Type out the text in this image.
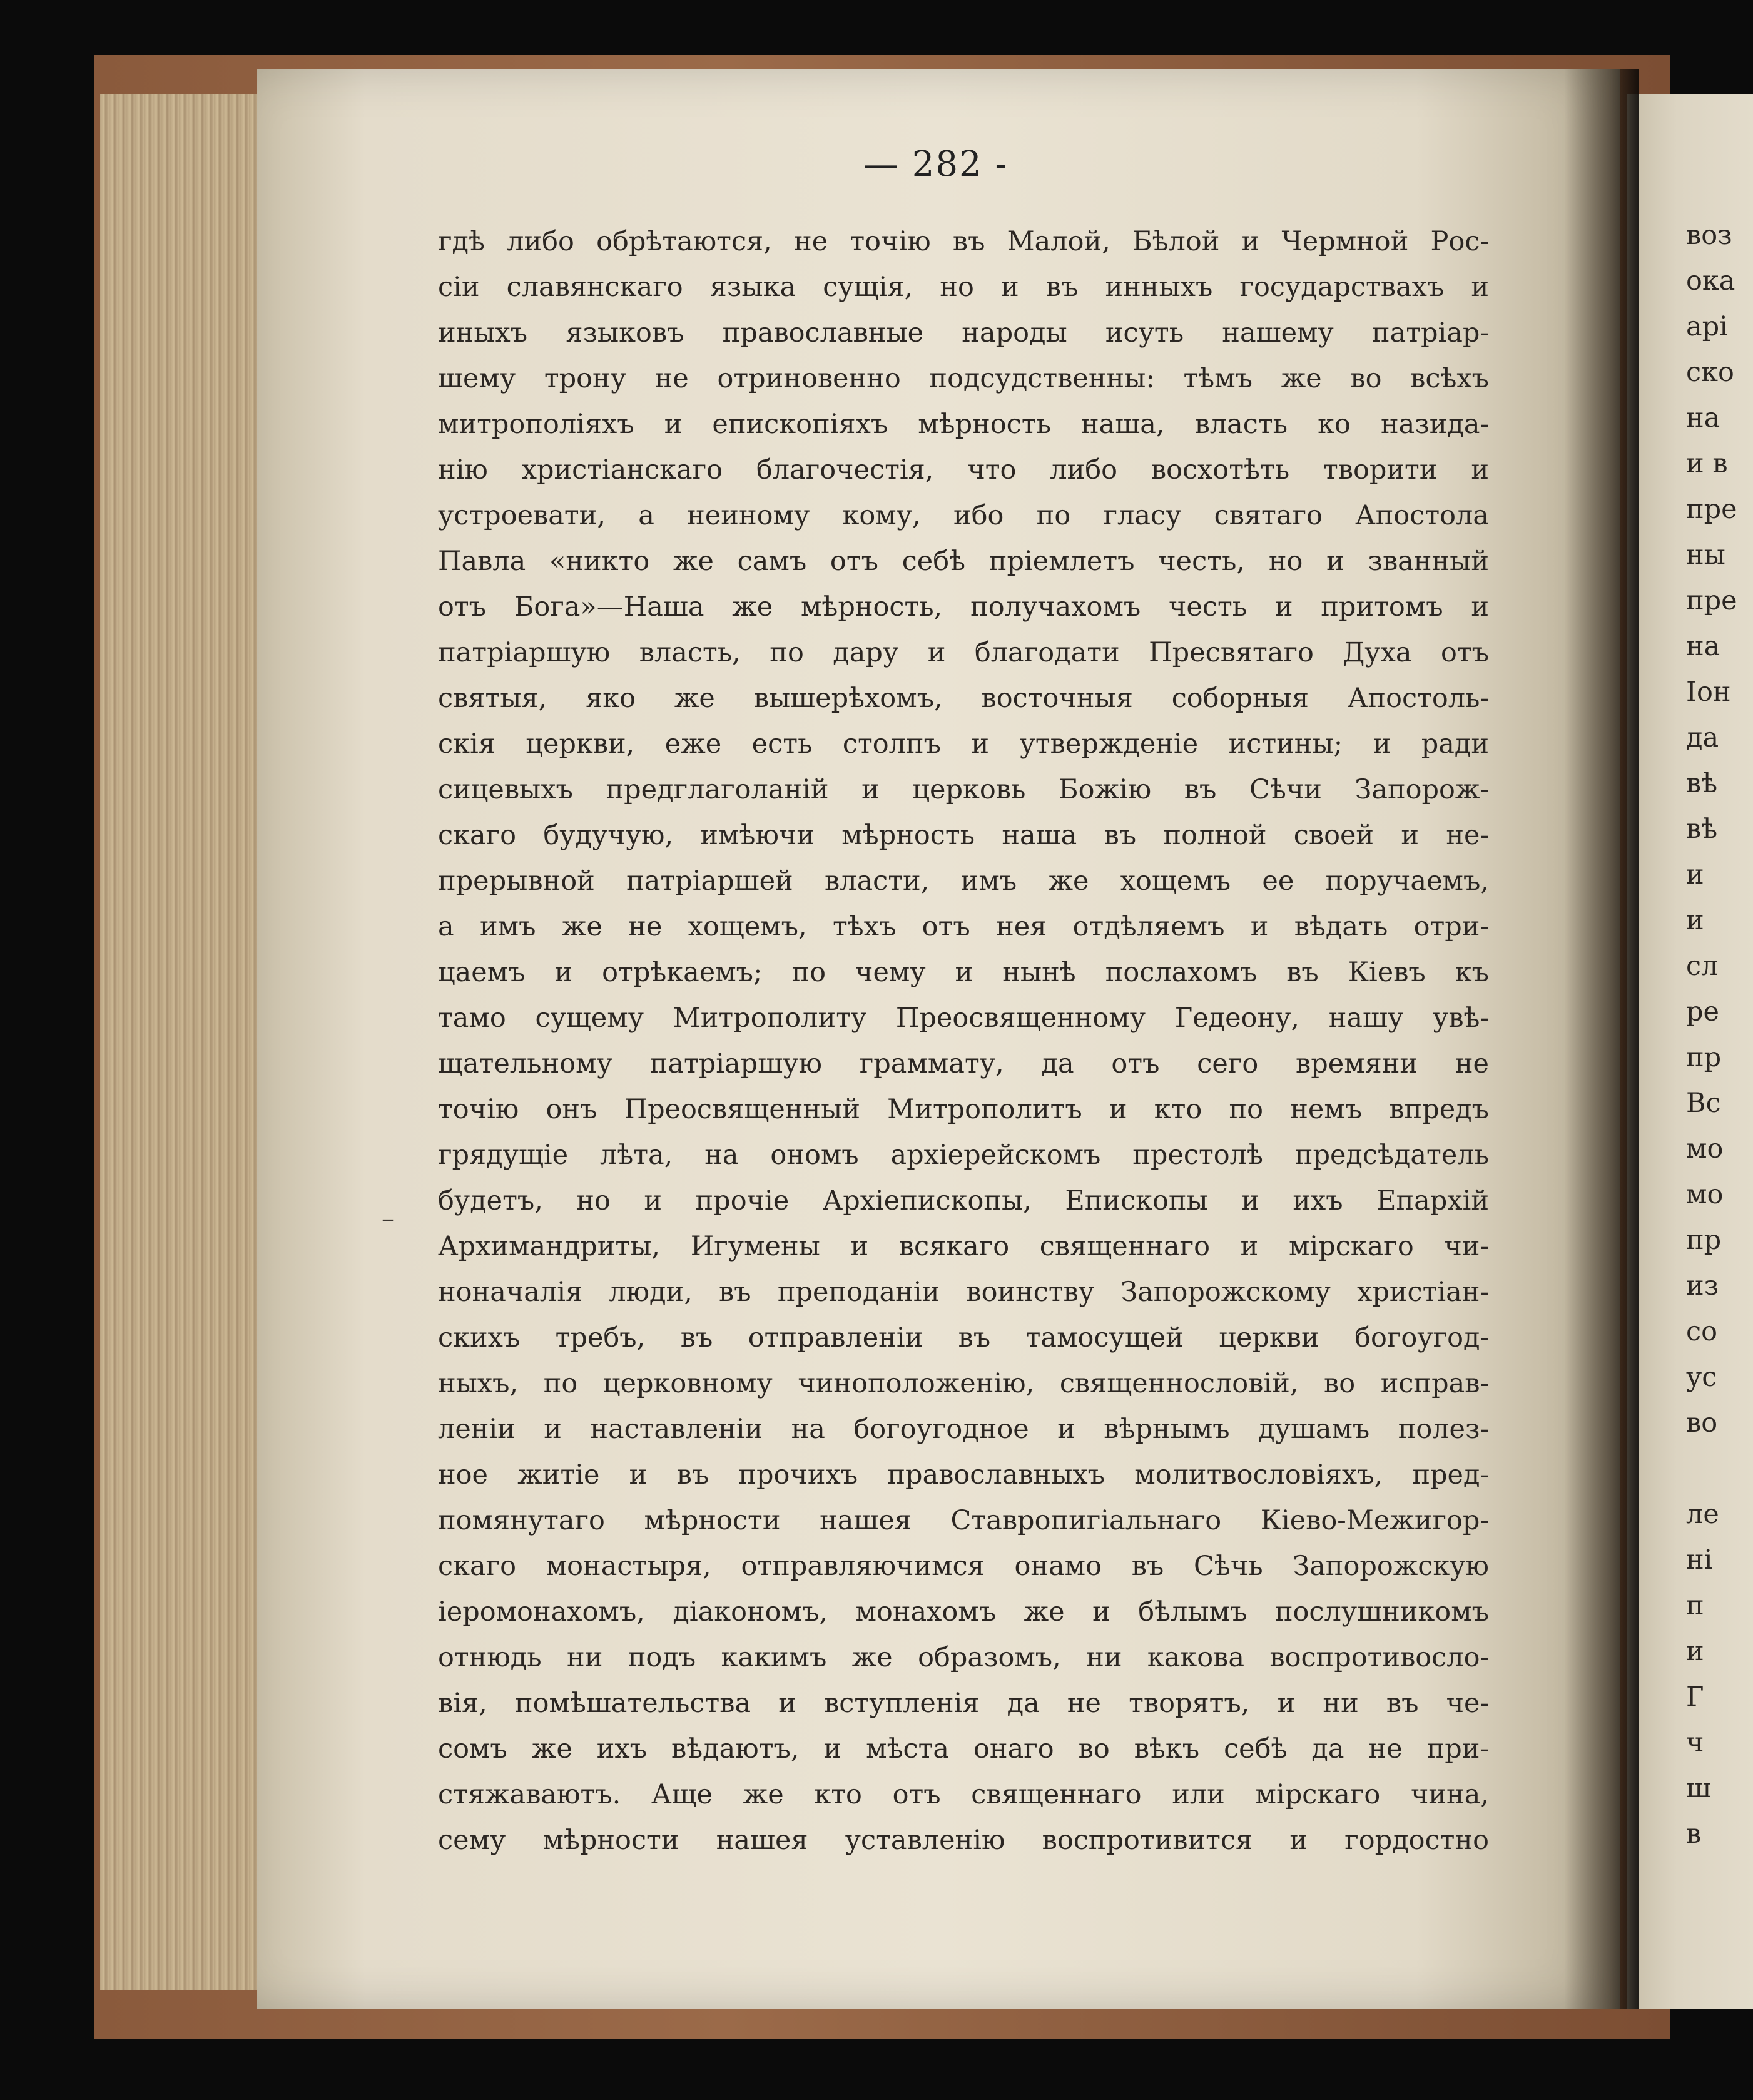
— 282 -
–
гдѣ либо обрѣтаются, не точію въ Малой, Бѣлой и Чермной Рос-
сіи славянскаго языка сущія, но и въ инныхъ государствахъ и
иныхъ языковъ православные народы исуть нашему патріар-
шему трону не отриновенно подсудственны: тѣмъ же во всѣхъ
митрополіяхъ и епископіяхъ мѣрность наша, власть ко назида-
нію христіанскаго благочестія, что либо восхотѣть творити и
устроевати, а неиному кому, ибо по гласу святаго Апостола
Павла «никто же самъ отъ себѣ пріемлетъ честь, но и званный
отъ Бога»—Наша же мѣрность, получахомъ честь и притомъ и
патріаршую власть, по дару и благодати Пресвятаго Духа отъ
святыя, яко же вышерѣхомъ, восточныя соборныя Апостоль-
скія церкви, еже есть столпъ и утвержденіе истины; и ради
сицевыхъ предглаголаній и церковь Божію въ Сѣчи Запорож-
скаго будучую, имѣючи мѣрность наша въ полной своей и не-
прерывной патріаршей власти, имъ же хощемъ ее поручаемъ,
а имъ же не хощемъ, тѣхъ отъ нея отдѣляемъ и вѣдать отри-
цаемъ и отрѣкаемъ; по чему и нынѣ послахомъ въ Кіевъ къ
тамо сущему Митрополиту Преосвященному Гедеону, нашу увѣ-
щательному патріаршую граммату, да отъ сего времяни не
точію онъ Преосвященный Митрополитъ и кто по немъ впредъ
грядущіе лѣта, на ономъ архіерейскомъ престолѣ предсѣдатель
будетъ, но и прочіе Архіепископы, Епископы и ихъ Епархій
Архимандриты, Игумены и всякаго священнаго и мірскаго чи-
ноначалія люди, въ преподаніи воинству Запорожскому христіан-
скихъ требъ, въ отправленіи въ тамосущей церкви богоугод-
ныхъ, по церковному чиноположенію, священнословій, во исправ-
леніи и наставленіи на богоугодное и вѣрнымъ душамъ полез-
ное житіе и въ прочихъ православныхъ молитвословіяхъ, пред-
помянутаго мѣрности нашея Ставропигіальнаго Кіево-Межигор-
скаго монастыря, отправляючимся онамо въ Сѣчь Запорожскую
іеромонахомъ, діакономъ, монахомъ же и бѣлымъ послушникомъ
отнюдь ни подъ какимъ же образомъ, ни какова воспротивосло-
вія, помѣшательства и вступленія да не творятъ, и ни въ че-
сомъ же ихъ вѣдаютъ, и мѣста онаго во вѣкъ себѣ да не при-
стяжаваютъ. Аще же кто отъ священнаго или мірскаго чина,
сему мѣрности нашея уставленію воспротивится и гордостно
воз
ока
арі
ско
на
и в
пре
ны
пре
на
Іон
да
вѣ
вѣ
и
и
сл
ре
пр
Вс
мо
мо
пр
из
со
ус
во
ле
ні
п
и
Г
ч
ш
в
